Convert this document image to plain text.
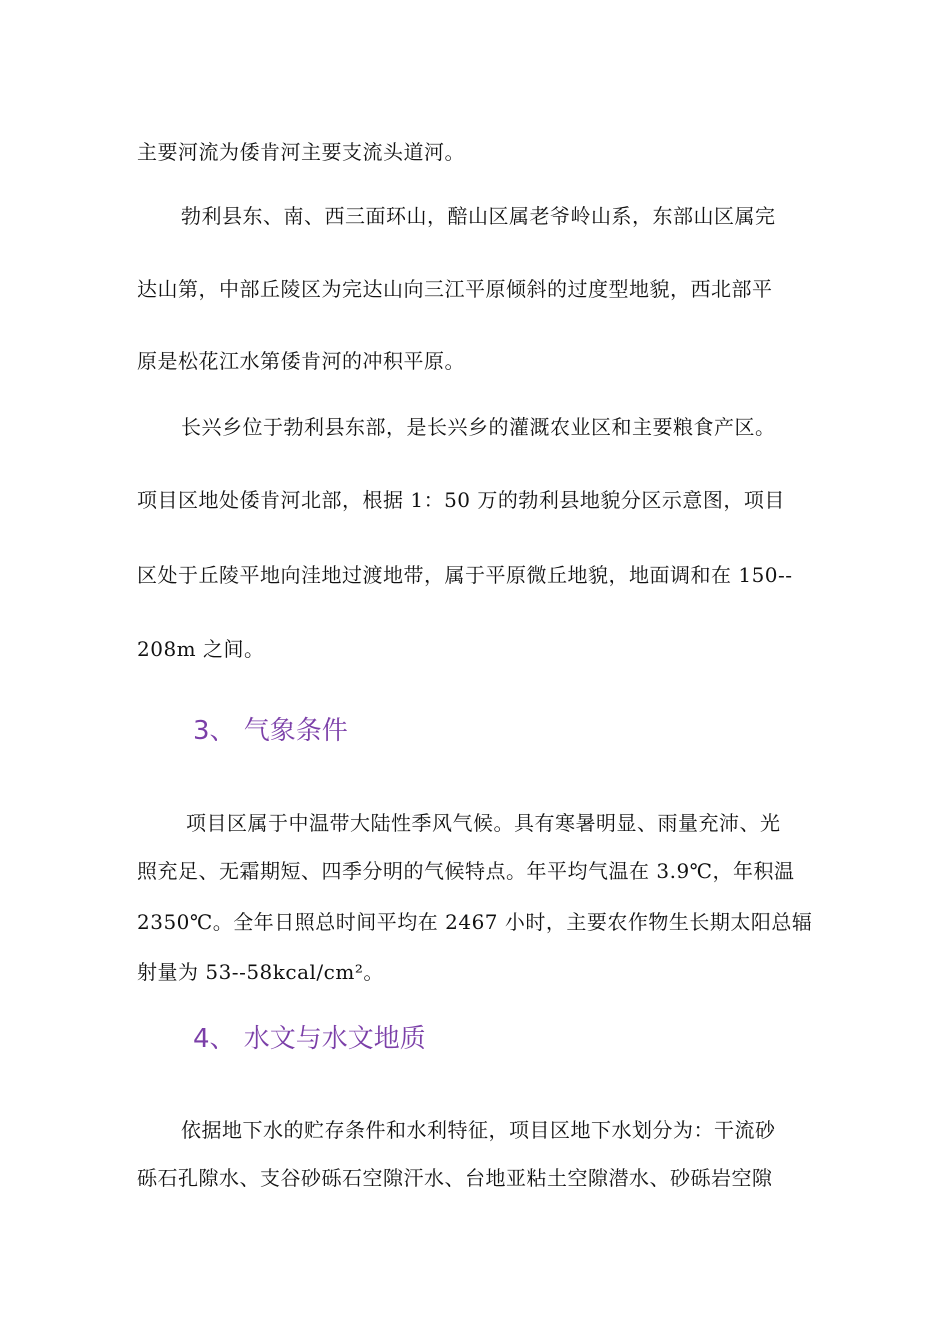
主要河流为倭肯河主要支流头道河。
勃利县东、南、西三面环山，醅山区属老爷岭山系，东部山区属完
达山第，中部丘陵区为完达山向三江平原倾斜的过度型地貌，西北部平
原是松花江水第倭肯河的冲积平原。
长兴乡位于勃利县东部，是长兴乡的灌溉农业区和主要粮食产区。
项目区地处倭肯河北部，根据 1：50 万的勃利县地貌分区示意图，项目
区处于丘陵平地向洼地过渡地带，属于平原微丘地貌，地面调和在 150--
208m 之间。
3、 气象条件
项目区属于中温带大陆性季风气候。具有寒暑明显、雨量充沛、光
照充足、无霜期短、四季分明的气候特点。年平均气温在 3.9℃，年积温
2350℃。全年日照总时间平均在 2467 小时，主要农作物生长期太阳总辐
射量为 53--58kcal/cm²。
4、 水文与水文地质
依据地下水的贮存条件和水利特征，项目区地下水划分为：干流砂
砾石孔隙水、支谷砂砾石空隙汗水、台地亚粘土空隙潜水、砂砾岩空隙
